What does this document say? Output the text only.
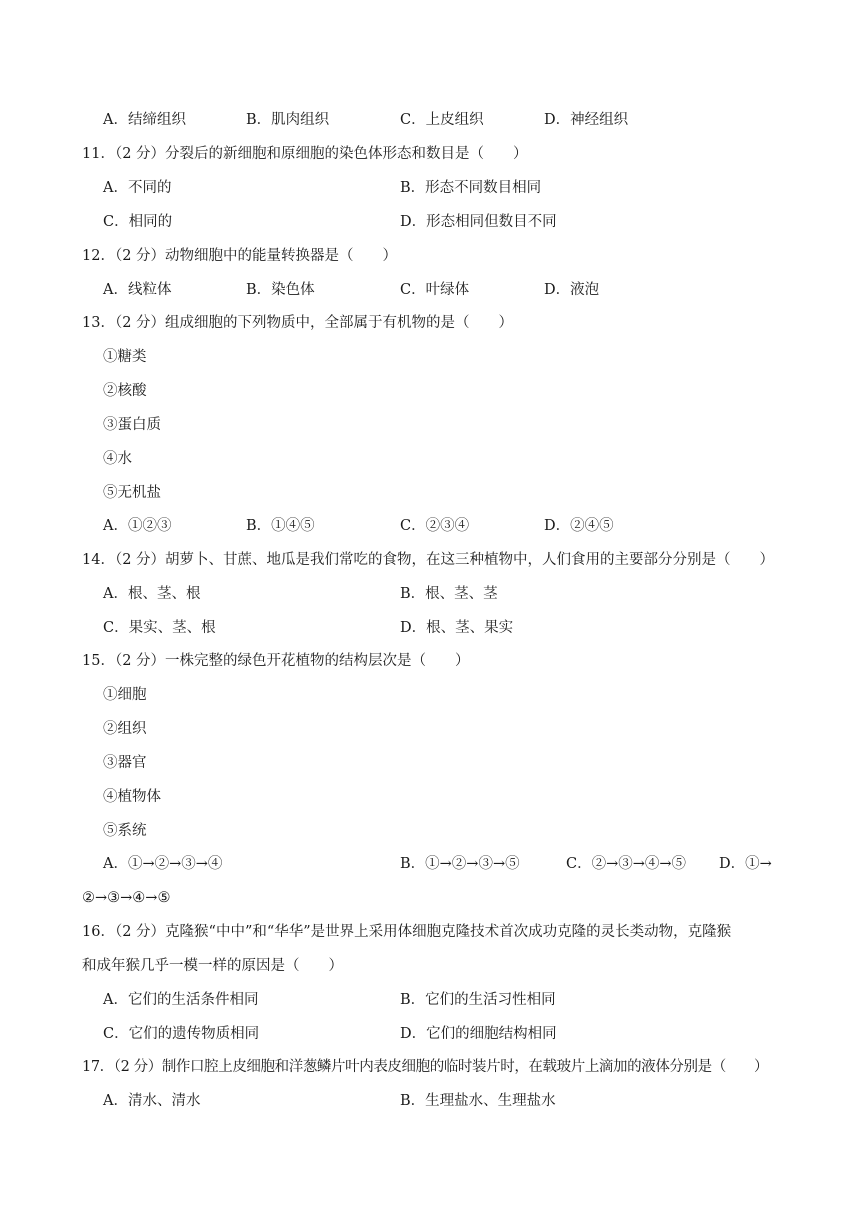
A．结缔组织	B．肌肉组织	C．上皮组织	D．神经组织
11．（2 分）分裂后的新细胞和原细胞的染色体形态和数目是（　　）
A．不同的	B．形态不同数目相同
C．相同的	D．形态相同但数目不同
12．（2 分）动物细胞中的能量转换器是（　　）
A．线粒体	B．染色体	C．叶绿体	D．液泡
13．（2 分）组成细胞的下列物质中，全部属于有机物的是（　　）
①糖类
②核酸
③蛋白质
④水
⑤无机盐
A．①②③	B．①④⑤	C．②③④	D．②④⑤
14．（2 分）胡萝卜、甘蔗、地瓜是我们常吃的食物，在这三种植物中，人们食用的主要部分分别是（　　）
A．根、茎、根	B．根、茎、茎
C．果实、茎、根	D．根、茎、果实
15．（2 分）一株完整的绿色开花植物的结构层次是（　　）
①细胞
②组织
③器官
④植物体
⑤系统
A．①→②→③→④	B．①→②→③→⑤	C．②→③→④→⑤ D．①→
②→③→④→⑤
16．（2 分）克隆猴“中中”和“华华”是世界上采用体细胞克隆技术首次成功克隆的灵长类动物，克隆猴
和成年猴几乎一模一样的原因是（　　）
A．它们的生活条件相同	B．它们的生活习性相同
C．它们的遗传物质相同	D．它们的细胞结构相同
17．（2 分）制作口腔上皮细胞和洋葱鳞片叶内表皮细胞的临时装片时，在载玻片上滴加的液体分别是（　　）
A．清水、清水	B．生理盐水、生理盐水
